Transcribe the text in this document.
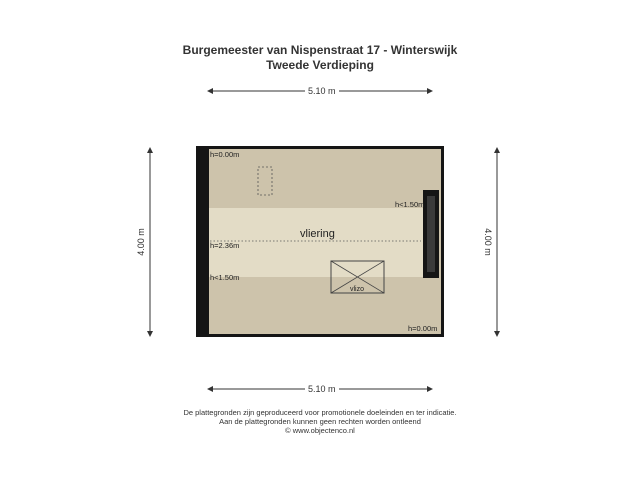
Burgemeester van Nispenstraat 17 - Winterswijk
Tweede Verdieping
5.10 m
5.10 m
4.00 m	4.00 m
vliering
vlizo
h=0.00m
h<1.50m
h=2.36m
h<1.50m
h=0.00m
De plattegronden zijn geproduceerd voor promotionele doeleinden en ter indicatie.
Aan de plattegronden kunnen geen rechten worden ontleend
© www.objectenco.nl
